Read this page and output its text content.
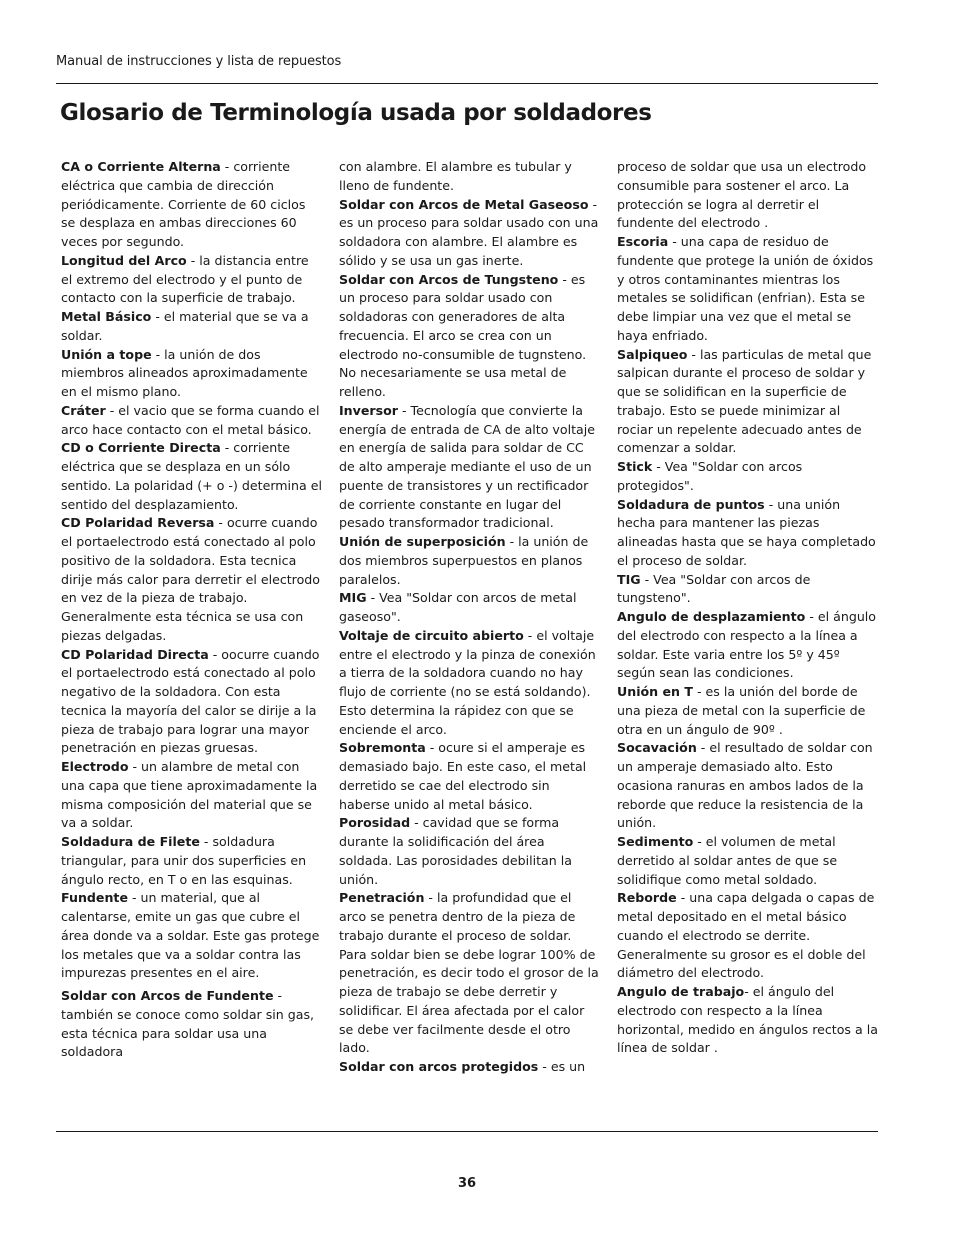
Manual de instrucciones y lista de repuestos
Glosario de Terminología usada por soldadores

CA o Corriente Alterna - corriente eléctrica que cambia de dirección periódicamente. Corriente de 60 ciclos se desplaza en ambas direcciones 60 veces por segundo.

Longitud del Arco - la distancia entre el extremo del electrodo y el punto de contacto con la superficie de trabajo.

Metal Básico - el material que se va a soldar.

Unión a tope - la unión de dos miembros alineados aproximadamente en el mismo plano.

Cráter - el vacio que se forma cuando el arco hace contacto con el metal básico.

CD o Corriente Directa - corriente eléctrica que se desplaza en un sólo sentido. La polaridad (+ o -) determina el sentido del desplazamiento.

CD Polaridad Reversa - ocurre cuando el portaelectrodo está conectado al polo positivo de la soldadora. Esta tecnica dirije más calor para derretir el electrodo en vez de la pieza de trabajo. Generalmente esta técnica se usa con piezas delgadas.

CD Polaridad Directa - oocurre cuando el portaelectrodo está conectado al polo negativo de la soldadora. Con esta tecnica la mayoría del calor se dirije a la pieza de trabajo para lograr una mayor penetración en piezas gruesas.

Electrodo - un alambre de metal con una capa que tiene aproximadamente la misma composición del material que se va a soldar.

Soldadura de Filete - soldadura triangular, para unir dos superficies en ángulo recto, en T o en las esquinas.

Fundente - un material, que al calentarse, emite un gas que cubre el área donde va a soldar. Este gas protege los metales que va a soldar contra las impurezas presentes en el aire.

Soldar con Arcos de Fundente - también se conoce como soldar sin gas, esta técnica para soldar usa una soldadora

con alambre. El alambre es tubular y lleno de fundente.

Soldar con Arcos de Metal Gaseoso - es un proceso para soldar usado con una soldadora con alambre. El alambre es sólido y se usa un gas inerte.

Soldar con Arcos de Tungsteno - es un proceso para soldar usado con soldadoras con generadores de alta frecuencia. El arco se crea con un electrodo no-consumible de tugnsteno. No necesariamente se usa metal de relleno.

Inversor - Tecnología que convierte la energía de entrada de CA de alto voltaje en energía de salida para soldar de CC de alto amperaje mediante el uso de un puente de transistores y un rectificador de corriente constante en lugar del pesado transformador tradicional.

Unión de superposición - la unión de dos miembros superpuestos en planos paralelos.

MIG - Vea "Soldar con arcos de metal gaseoso".

Voltaje de circuito abierto - el voltaje entre el electrodo y la pinza de conexión a tierra de la soldadora cuando no hay flujo de corriente (no se está soldando). Esto determina la rápidez con que se enciende el arco.

Sobremonta - ocure si el amperaje es demasiado bajo. En este caso, el metal derretido se cae del electrodo sin haberse unido al metal básico.

Porosidad - cavidad que se forma durante la solidificación del área soldada. Las porosidades debilitan la unión.

Penetración - la profundidad que el arco se penetra dentro de la pieza de trabajo durante el proceso de soldar. Para soldar bien se debe lograr 100% de penetración, es decir todo el grosor de la pieza de trabajo se debe derretir y solidificar. El área afectada por el calor se debe ver facilmente desde el otro lado.

Soldar con arcos protegidos - es un

proceso de soldar que usa un electrodo consumible para sostener el arco. La protección se logra al derretir el fundente del electrodo .

Escoria - una capa de residuo de fundente que protege la unión de óxidos y otros contaminantes mientras los metales se solidifican (enfrian). Esta se debe limpiar una vez que el metal se haya enfriado.

Salpiqueo - las particulas de metal que salpican durante el proceso de soldar y que se solidifican en la superficie de trabajo. Esto se puede minimizar al rociar un repelente adecuado antes de comenzar a soldar.

Stick - Vea "Soldar con arcos protegidos".

Soldadura de puntos - una unión hecha para mantener las piezas alineadas hasta que se haya completado el proceso de soldar.

TIG - Vea "Soldar con arcos de tungsteno".

Angulo de desplazamiento - el ángulo del electrodo con respecto a la línea a soldar. Este varia entre los 5º y 45º según sean las condiciones.

Unión en T - es la unión del borde de una pieza de metal con la superficie de otra en un ángulo de 90º .

Socavación - el resultado de soldar con un amperaje demasiado alto. Esto ocasiona ranuras en ambos lados de la reborde que reduce la resistencia de la unión.

Sedimento - el volumen de metal derretido al soldar antes de que se solidifique como metal soldado.

Reborde - una capa delgada o capas de metal depositado en el metal básico cuando el electrodo se derrite. Generalmente su grosor es el doble del diámetro del electrodo.

Angulo de trabajo- el ángulo del electrodo con respecto a la línea horizontal, medido en ángulos rectos a la línea de soldar .

36
